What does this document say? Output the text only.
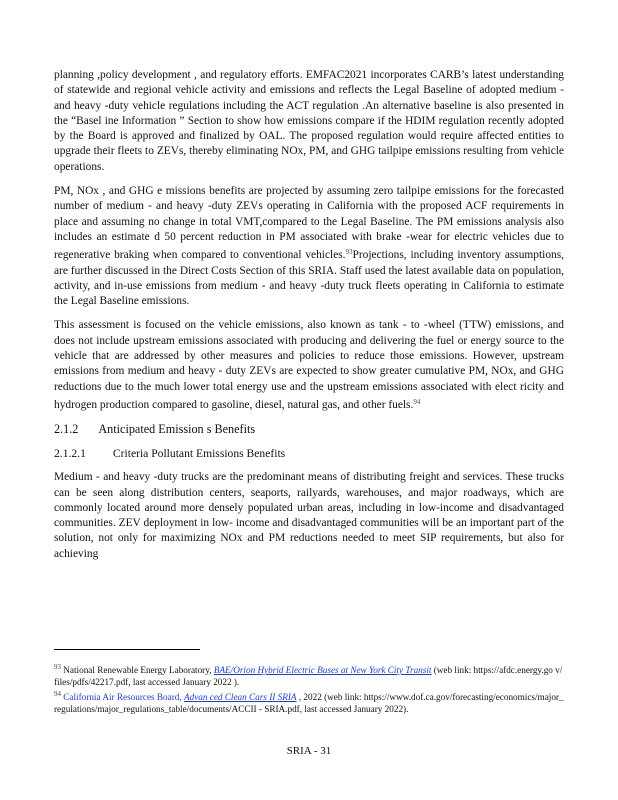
planning ,policy development , and regulatory efforts. EMFAC2021 incorporates CARB’s latest understanding of statewide and regional vehicle activity and emissions and reflects the Legal Baseline of adopted medium - and heavy -duty vehicle regulations including the ACT regulation .An alternative baseline is also presented in the “Basel ine Information ” Section to show how emissions compare if the HDIM regulation recently adopted by the Board is approved and finalized by OAL. The proposed regulation would require affected entities to upgrade their fleets to ZEVs, thereby eliminating NOx, PM, and GHG tailpipe emissions resulting from vehicle operations.

PM, NOx , and GHG e missions benefits are projected by assuming zero tailpipe emissions for the forecasted number of medium - and heavy -duty ZEVs operating in California with the proposed ACF requirements in place and assuming no change in total VMT,compared to the Legal Baseline. The PM emissions analysis also includes an estimate d 50 percent reduction in PM associated with brake -wear for electric vehicles due to regenerative braking when compared to conventional vehicles.$^{93}$Projections, including inventory assumptions, are further discussed in the Direct Costs Section of this SRIA. Staff used the latest available data on population, activity, and in-use emissions from medium - and heavy -duty truck fleets operating in California to estimate the Legal Baseline emissions.

This assessment is focused on the vehicle emissions, also known as tank - to -wheel (TTW) emissions, and does not include upstream emissions associated with producing and delivering the fuel or energy source to the vehicle that are addressed by other measures and policies to reduce those emissions. However, upstream emissions from medium and heavy - duty ZEVs are expected to show greater cumulative PM, NOx, and GHG reductions due to the much lower total energy use and the upstream emissions associated with elect ricity and hydrogen production compared to gasoline, diesel, natural gas, and other fuels.$^{94}$

2.1.2 Anticipated Emission s Benefits
2.1.2.1 Criteria Pollutant Emissions Benefits

Medium - and heavy -duty trucks are the predominant means of distributing freight and services. These trucks can be seen along distribution centers, seaports, railyards, warehouses, and major roadways, which are commonly located around more densely populated urban areas, including in low-income and disadvantaged communities. ZEV deployment in low- income and disadvantaged communities will be an important part of the solution, not only for maximizing NOx and PM reductions needed to meet SIP requirements, but also for achieving

$^{93}$ National Renewable Energy Laboratory, BAE/Orion Hybrid Electric Buses at New York City Transit (web link: https://afdc.energy.go v/files/pdfs/42217.pdf, last accessed January 2022 ).
$^{94}$ California Air Resources Board, Advan ced Clean Cars II SRIA , 2022 (web link: https://www.dof.ca.gov/forecasting/economics/major_regulations/major_regulations_table/documents/ACCII - SRIA.pdf, last accessed January 2022).
SRIA - 31
